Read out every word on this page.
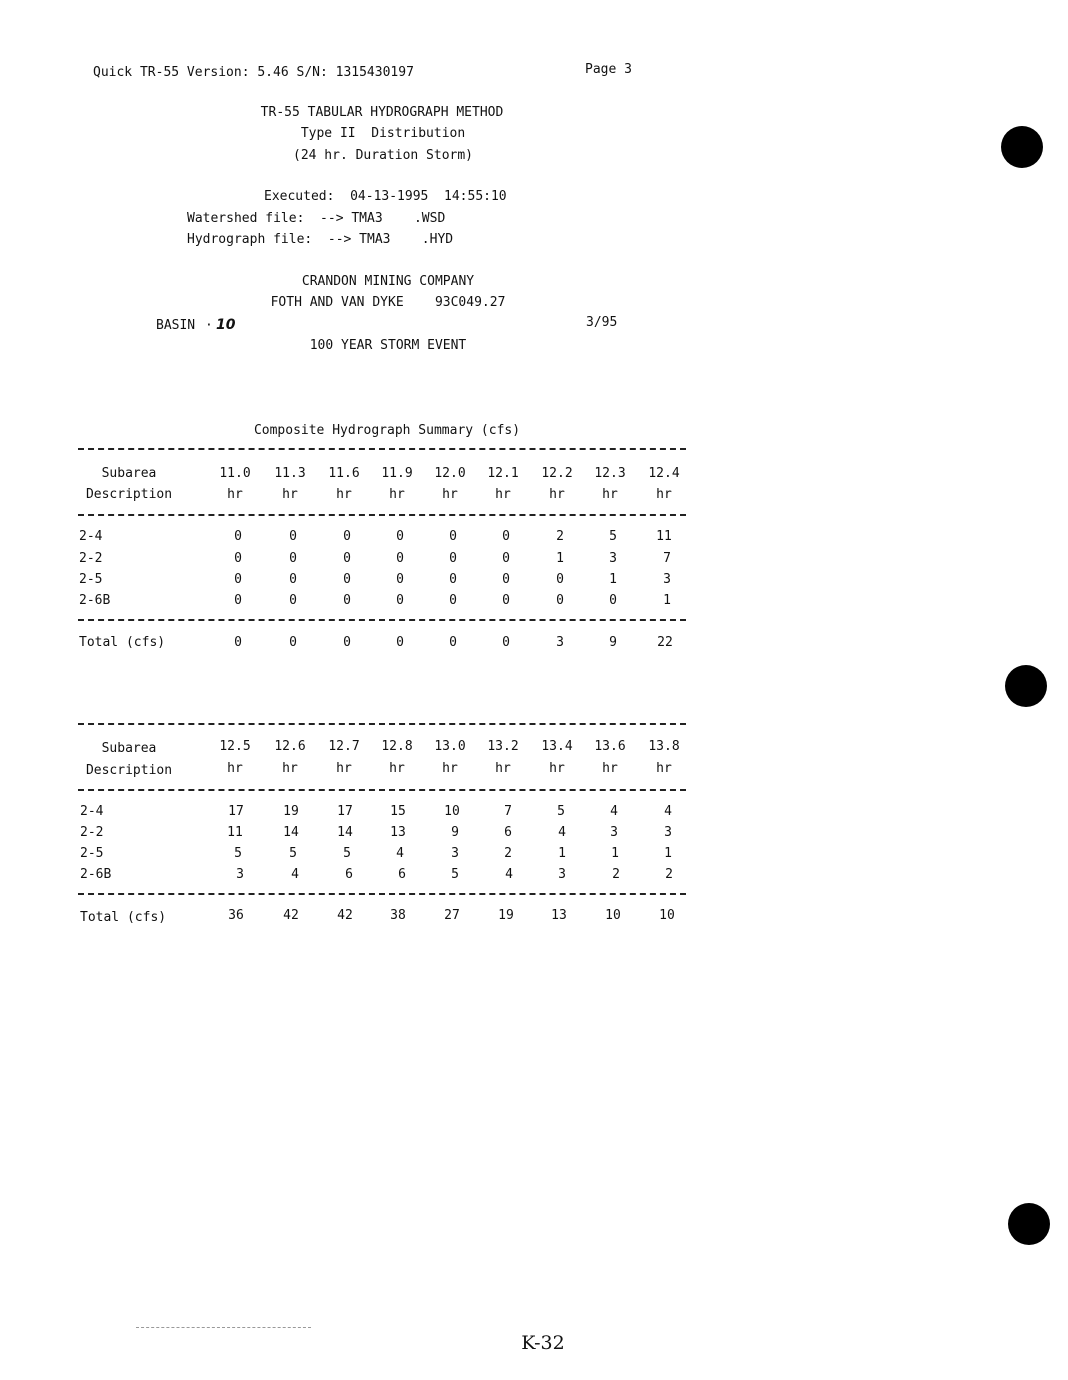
Quick TR-55 Version: 5.46 S/N: 1315430197	Page 3
TR-55 TABULAR HYDROGRAPH METHOD
Type II  Distribution
(24 hr. Duration Storm)
Executed:  04-13-1995  14:55:10
Watershed file:  --> TMA3    .WSD
Hydrograph file:  --> TMA3    .HYD
CRANDON MINING COMPANY
FOTH AND VAN DYKE    93C049.27
BASIN · 10	3/95
100 YEAR STORM EVENT
Composite Hydrograph Summary (cfs)
Subarea
Description
11.0 11.3 11.6 11.9 12.0 12.1 12.2 12.3 12.4
hr	hr	hr	hr	hr	hr	hr	hr	hr
2-4	0	0	0	0	0	0	2	5	11
2-2	0	0	0	0	0	0	1	3	7
2-5	0	0	0	0	0	0	0	1	3
2-6B	0	0	0	0	0	0	0	0	1
Total (cfs)	0	0	0	0	0	0	3	9	22
Subarea
Description
12.5 12.6 12.7 12.8 13.0 13.2 13.4 13.6 13.8
hr	hr	hr	hr	hr	hr	hr	hr	hr
2-4	17	19	17	15	10	7	5	4	4
2-2	11	14	14	13	9	6	4	3	3
2-5	5	5	5	4	3	2	1	1	1
2-6B	3	4	6	6	5	4	3	2	2
Total (cfs)	36	42	42	38	27	19	13	10	10
K-32
